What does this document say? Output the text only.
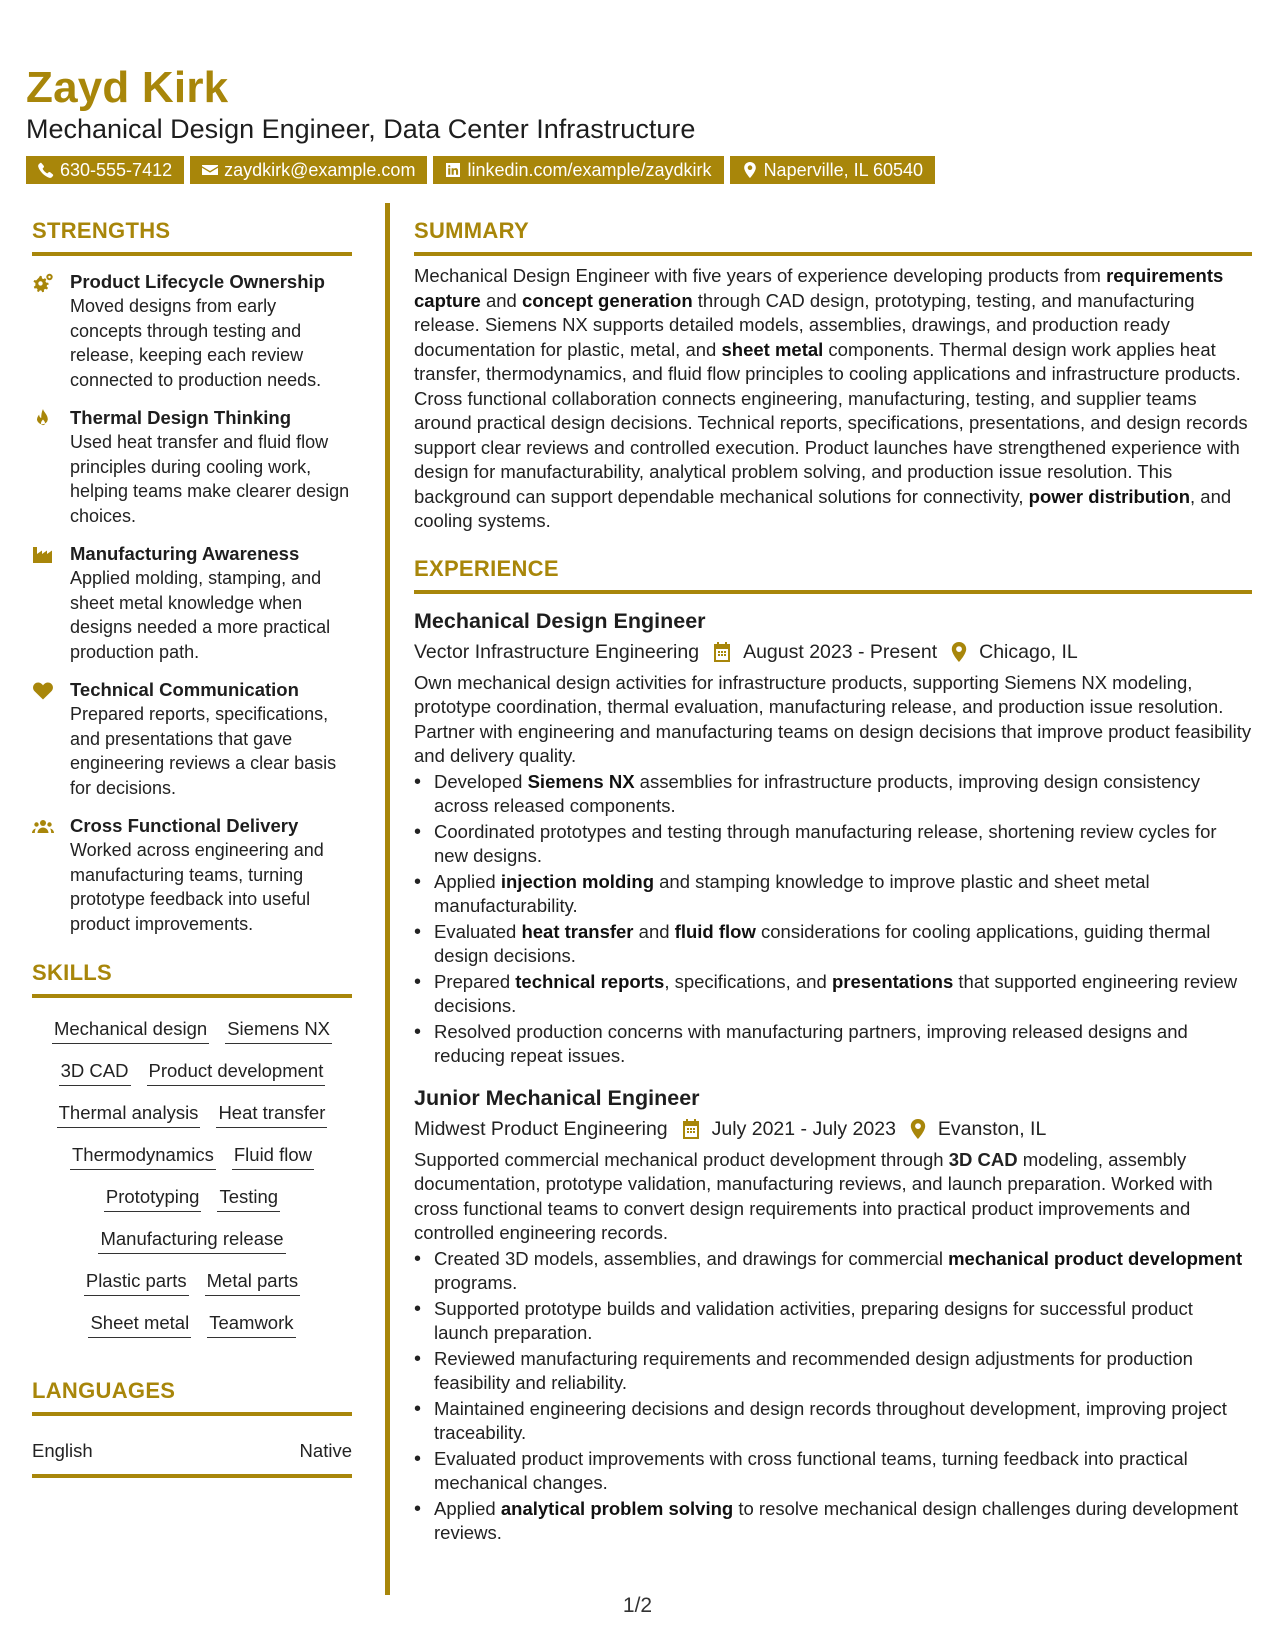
Zayd Kirk
Mechanical Design Engineer, Data Center Infrastructure
630-555-7412	zaydkirk@example.com	linkedin.com/example/zaydkirk	Naperville, IL 60540
STRENGTHS
Product Lifecycle Ownership
Moved designs from early concepts through testing and release, keeping each review connected to production needs.
Thermal Design Thinking
Used heat transfer and fluid flow principles during cooling work, helping teams make clearer design choices.
Manufacturing Awareness
Applied molding, stamping, and sheet metal knowledge when designs needed a more practical production path.
Technical Communication
Prepared reports, specifications, and presentations that gave engineering reviews a clear basis for decisions.
Cross Functional Delivery
Worked across engineering and manufacturing teams, turning prototype feedback into useful product improvements.
SKILLS
Mechanical design Siemens NX
3D CAD Product development
Thermal analysis Heat transfer
Thermodynamics Fluid flow
Prototyping Testing
Manufacturing release
Plastic parts Metal parts
Sheet metal Teamwork
LANGUAGES
English	Native
SUMMARY

Mechanical Design Engineer with five years of experience developing products from requirements capture and concept generation through CAD design, prototyping, testing, and manufacturing release. Siemens NX supports detailed models, assemblies, drawings, and production ready documentation for plastic, metal, and sheet metal components. Thermal design work applies heat transfer, thermodynamics, and fluid flow principles to cooling applications and infrastructure products. Cross functional collaboration connects engineering, manufacturing, testing, and supplier teams around practical design decisions. Technical reports, specifications, presentations, and design records support clear reviews and controlled execution. Product launches have strengthened experience with design for manufacturability, analytical problem solving, and production issue resolution. This background can support dependable mechanical solutions for connectivity, power distribution, and cooling systems.

EXPERIENCE
Mechanical Design Engineer
Vector Infrastructure Engineering August 2023 - Present Chicago, IL

Own mechanical design activities for infrastructure products, supporting Siemens NX modeling, prototype coordination, thermal evaluation, manufacturing release, and production issue resolution. Partner with engineering and manufacturing teams on design decisions that improve product feasibility and delivery quality.

• Developed Siemens NX assemblies for infrastructure products, improving design consistency across released components.
• Coordinated prototypes and testing through manufacturing release, shortening review cycles for new designs.
• Applied injection molding and stamping knowledge to improve plastic and sheet metal manufacturability.
• Evaluated heat transfer and fluid flow considerations for cooling applications, guiding thermal design decisions.
• Prepared technical reports, specifications, and presentations that supported engineering review decisions.
• Resolved production concerns with manufacturing partners, improving released designs and reducing repeat issues.
Junior Mechanical Engineer
Midwest Product Engineering July 2021 - July 2023 Evanston, IL

Supported commercial mechanical product development through 3D CAD modeling, assembly documentation, prototype validation, manufacturing reviews, and launch preparation. Worked with cross functional teams to convert design requirements into practical product improvements and controlled engineering records.

• Created 3D models, assemblies, and drawings for commercial mechanical product development programs.
• Supported prototype builds and validation activities, preparing designs for successful product launch preparation.
• Reviewed manufacturing requirements and recommended design adjustments for production feasibility and reliability.
• Maintained engineering decisions and design records throughout development, improving project traceability.
• Evaluated product improvements with cross functional teams, turning feedback into practical mechanical changes.
• Applied analytical problem solving to resolve mechanical design challenges during development reviews.
1/2
